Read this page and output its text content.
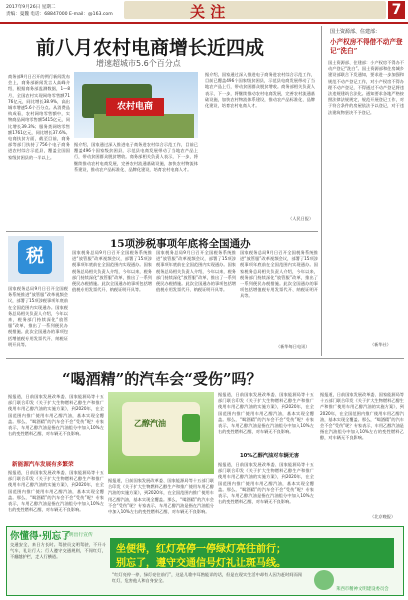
2017年9月26日 星期二
责编：曼魏 电话：68847000 E-mail：@163.com	关 注	7
前八月农村电商增长近四成
增速超城市5.6个百分点
商务部9月日召开的例行新闻发布会上，商务部新闻发言人高峰介绍，根据商务部监测数据，1—8月，全国农村实现网络零售额7176亿元，同比增长38.9%，高出城市增速5.6个百分点。从消费品构成看，农村网络零售额中，实物商品网络零售额5415亿元，同比增长39.3%；服务类网络零售额1761亿元，同比增长37.6%。电商扶贫方面，截至目前，商务部等部门扶持了756个电子商务进农村综合示范县，覆盖全国国家级贫困县的一半以上。
农村电商
据介绍，国家通过深入推进电子商务进农村综合示范工作，目前已覆盖496个国家级贫困县，示范县电商发展带动了当地农产品上行，带动贫困群众脱贫增收。商务部相关负责人表示，下一步，将继续推动农村电商发展，完善农村流通基础设施，加快农村物流体系建设，推动农产品标准化、品牌化建设，培育农村电商人才。
据介绍，国家通过深入推进电子商务进农村综合示范工作，目前已覆盖496个国家级贫困县，示范县电商发展带动了当地农产品上行，带动贫困群众脱贫增收。商务部相关负责人表示，下一步，将继续推动农村电商发展，完善农村流通基础设施，加快农村物流体系建设，推动农产品标准化、品牌化建设，培育农村电商人才。
（人民日报）
国土资源部、住建部：
小产权房不得借不动产登记“洗白”
国土资源部、住建部：小产权房不得办不动产登记“洗白”。国土资源部和住房城乡建设部联合下发通知，要求进一步加强和规范不动产登记工作，对小产权房不得办理不动产登记，不得通过不动产登记将违法违规建筑合法化。通知要求各地严格按照法律法规规定，规范开展登记工作，对于符合条件的房屋依法予以登记，对于违法建筑物坚决不予登记。
（新华社）
15项涉税事项年底将全国通办
税
国家税务总局9月日召开全国税务系统推进“放管服”改革视频会议，部署了15项涉税事项年底前在全国范围内实现通办。国家税务总局相关负责人介绍，今年以来，税务部门持续深化“放管服”改革，推出了一系列便民办税措施。此次全国通办的事项包括增值税专用发票代开、纳税证明开具等。
国家税务总局9月日召开全国税务系统推进“放管服”改革视频会议，部署了15项涉税事项年底前在全国范围内实现通办。国家税务总局相关负责人介绍，今年以来，税务部门持续深化“放管服”改革，推出了一系列便民办税措施。此次全国通办的事项包括增值税专用发票代开、纳税证明开具等。
国家税务总局9月日召开全国税务系统推进“放管服”改革视频会议，部署了15项涉税事项年底前在全国范围内实现通办。国家税务总局相关负责人介绍，今年以来，税务部门持续深化“放管服”改革，推出了一系列便民办税措施。此次全国通办的事项包括增值税专用发票代开、纳税证明开具等。
国家税务总局9月日召开全国税务系统推进“放管服”改革视频会议，部署了15项涉税事项年底前在全国范围内实现通办。国家税务总局相关负责人介绍，今年以来，税务部门持续深化“放管服”改革，推出了一系列便民办税措施。此次全国通办的事项包括增值税专用发票代开、纳税证明开具等。
（新华每日电讯）
“喝酒精”的汽车会“受伤”吗？
据报道，日前国家发展改革委、国家能源局等十五部门联合印发《关于扩大生物燃料乙醇生产和推广使用车用乙醇汽油的实施方案》，到2020年，在全国范围内推广使用车用乙醇汽油，基本实现全覆盖。那么，“喝酒精”的汽车会不会“受伤”呢？专家表示，车用乙醇汽油是指在汽油组分中加入10%左右的变性燃料乙醇，对车辆无不良影响。
新能源汽车发展有多繁荣
据报道，日前国家发展改革委、国家能源局等十五部门联合印发《关于扩大生物燃料乙醇生产和推广使用车用乙醇汽油的实施方案》，到2020年，在全国范围内推广使用车用乙醇汽油，基本实现全覆盖。那么，“喝酒精”的汽车会不会“受伤”呢？专家表示，车用乙醇汽油是指在汽油组分中加入10%左右的变性燃料乙醇，对车辆无不良影响。
乙醇汽油
据报道，日前国家发展改革委、国家能源局等十五部门联合印发《关于扩大生物燃料乙醇生产和推广使用车用乙醇汽油的实施方案》，到2020年，在全国范围内推广使用车用乙醇汽油，基本实现全覆盖。那么，“喝酒精”的汽车会不会“受伤”呢？专家表示，车用乙醇汽油是指在汽油组分中加入10%左右的变性燃料乙醇，对车辆无不良影响。
据报道，日前国家发展改革委、国家能源局等十五部门联合印发《关于扩大生物燃料乙醇生产和推广使用车用乙醇汽油的实施方案》，到2020年，在全国范围内推广使用车用乙醇汽油，基本实现全覆盖。那么，“喝酒精”的汽车会不会“受伤”呢？专家表示，车用乙醇汽油是指在汽油组分中加入10%左右的变性燃料乙醇，对车辆无不良影响。
10%乙醇汽油对车辆无害
据报道，日前国家发展改革委、国家能源局等十五部门联合印发《关于扩大生物燃料乙醇生产和推广使用车用乙醇汽油的实施方案》，到2020年，在全国范围内推广使用车用乙醇汽油，基本实现全覆盖。那么，“喝酒精”的汽车会不会“受伤”呢？专家表示，车用乙醇汽油是指在汽油组分中加入10%左右的变性燃料乙醇，对车辆无不良影响。
据报道，日前国家发展改革委、国家能源局等十五部门联合印发《关于扩大生物燃料乙醇生产和推广使用车用乙醇汽油的实施方案》，到2020年，在全国范围内推广使用车用乙醇汽油，基本实现全覆盖。那么，“喝酒精”的汽车会不会“受伤”呢？专家表示，车用乙醇汽油是指在汽油组分中加入10%左右的变性燃料乙醇，对车辆无不良影响。
（北京晚报）
你懂得·别忘了
文明出行宣传
交通安全，来日方长时。驾驶员文明驾驶，不开斗气车，礼让行人；行人遵守交通规则，不闯红灯，不翻越护栏，走人行横道。
坐便得，红灯亮停一停绿灯亮往前行；
别忘了，遵守交通信号灯礼让斑马线。
“红灯亮停一停，绿灯亮往前行”，这是儿歌中耳熟能详的话，但是在现实生活中却有人因为赶时间而闯红灯，危害他人和自身安全。
莱西市精神文明建设委员会
